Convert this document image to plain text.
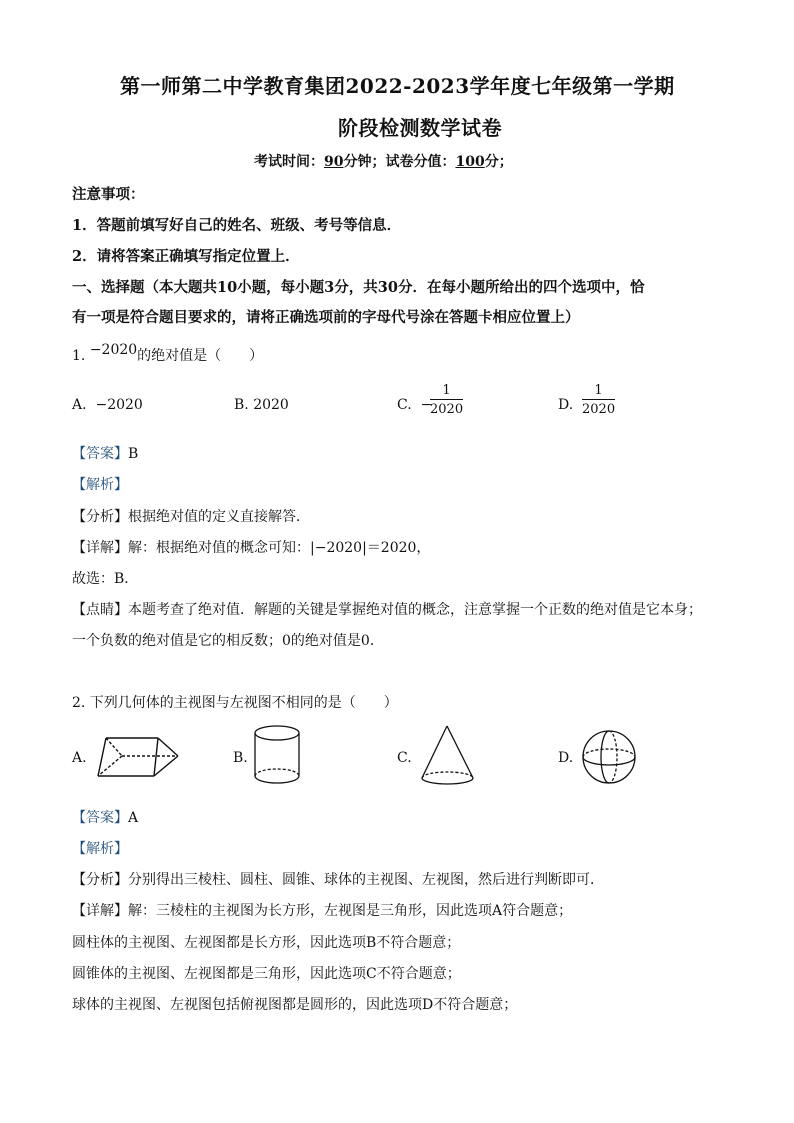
第一师第二中学教育集团2022-2023学年度七年级第一学期
阶段检测数学试卷
考试时间：90分钟；试卷分值：100分；
注意事项：
1．答题前填写好自己的姓名、班级、考号等信息．
2．请将答案正确填写指定位置上．
一、选择题（本大题共10小题，每小题3分，共30分．在每小题所给出的四个选项中，恰
有一项是符合题目要求的，请将正确选项前的字母代号涂在答题卡相应位置上）
1. −2020的绝对值是（　　）
A. −2020	B. 2020	C. −
$\frac{1}{2020}$	D. $\frac{1}{2020}$
【答案】B
【解析】
【分析】根据绝对值的定义直接解答．
【详解】解：根据绝对值的概念可知：|−2020|＝2020，
故选：B．
【点睛】本题考查了绝对值．解题的关键是掌握绝对值的概念，注意掌握一个正数的绝对值是它本身；
一个负数的绝对值是它的相反数；0的绝对值是0．
2. 下列几何体的主视图与左视图不相同的是（　　）
A.	B.	C.	D.
【答案】A
【解析】
【分析】分别得出三棱柱、圆柱、圆锥、球体的主视图、左视图，然后进行判断即可．
【详解】解：三棱柱的主视图为长方形，左视图是三角形，因此选项A符合题意；
圆柱体的主视图、左视图都是长方形，因此选项B不符合题意；
圆锥体的主视图、左视图都是三角形，因此选项C不符合题意；
球体的主视图、左视图包括俯视图都是圆形的，因此选项D不符合题意；
